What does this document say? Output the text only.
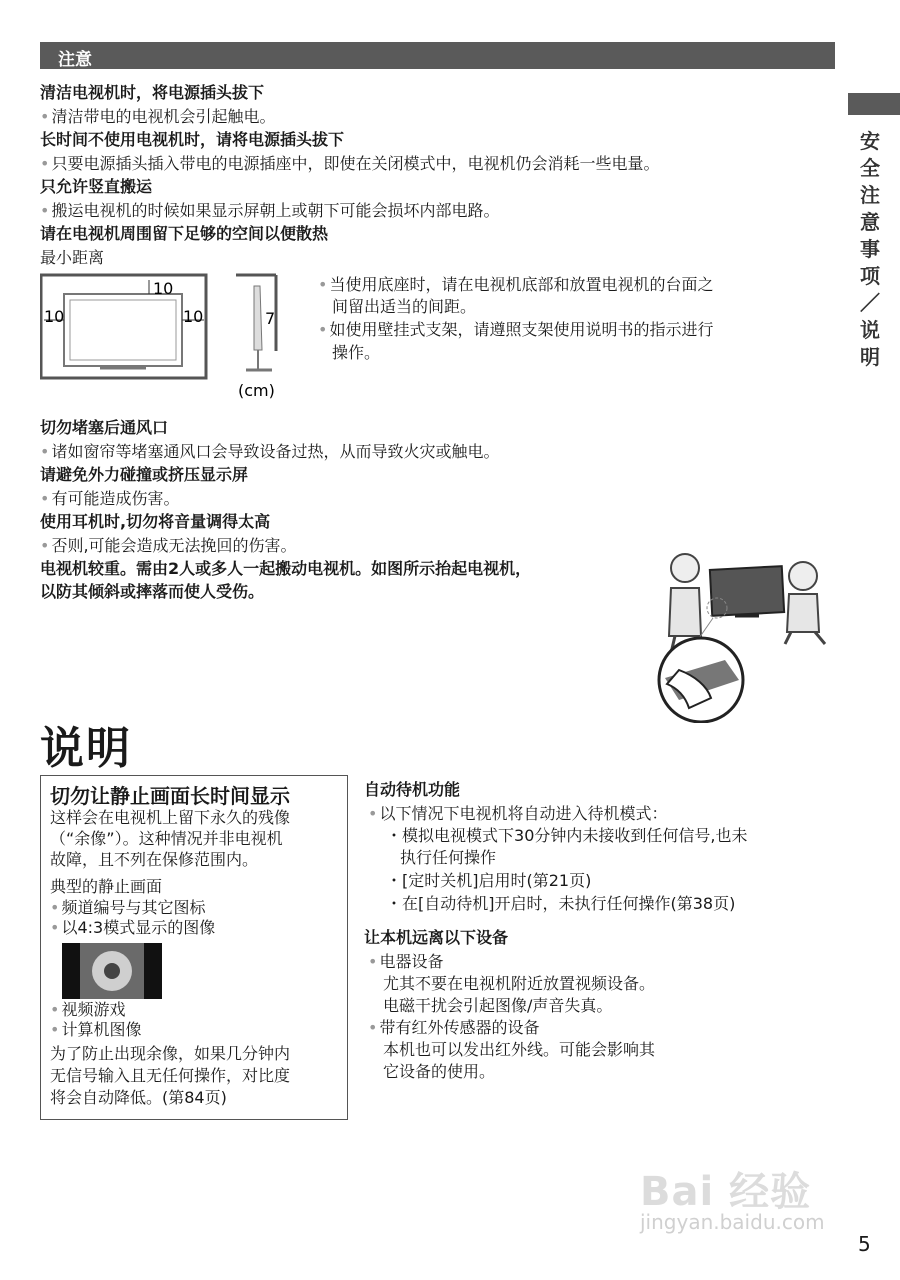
注意
安全注意事项／说明
清洁电视机时，将电源插头拔下
• 清洁带电的电视机会引起触电。
长时间不使用电视机时，请将电源插头拔下
• 只要电源插头插入带电的电源插座中，即使在关闭模式中，电视机仍会消耗一些电量。
只允许竖直搬运
• 搬运电视机的时候如果显示屏朝上或朝下可能会损坏内部电路。
请在电视机周围留下足够的空间以便散热
最小距离
10
10	10	7
(cm)
• 当使用底座时，请在电视机底部和放置电视机的台面之
间留出适当的间距。
• 如使用壁挂式支架，请遵照支架使用说明书的指示进行
操作。
切勿堵塞后通风口
• 诸如窗帘等堵塞通风口会导致设备过热，从而导致火灾或触电。
请避免外力碰撞或挤压显示屏
• 有可能造成伤害。
使用耳机时,切勿将音量调得太高
• 否则,可能会造成无法挽回的伤害。
电视机较重。需由2人或多人一起搬动电视机。如图所示抬起电视机，
以防其倾斜或摔落而使人受伤。
说明
切勿让静止画面长时间显示
这样会在电视机上留下永久的残像
（“余像”）。这种情况并非电视机
故障，且不列在保修范围内。
典型的静止画面
• 频道编号与其它图标
• 以4:3模式显示的图像
• 视频游戏
• 计算机图像
为了防止出现余像，如果几分钟内
无信号输入且无任何操作，对比度
将会自动降低。(第84页)
自动待机功能
• 以下情况下电视机将自动进入待机模式：
・模拟电视模式下30分钟内未接收到任何信号,也未
执行任何操作
・[定时关机]启用时(第21页)
・在[自动待机]开启时，未执行任何操作(第38页)
让本机远离以下设备
• 电器设备
尤其不要在电视机附近放置视频设备。
电磁干扰会引起图像/声音失真。
• 带有红外传感器的设备
本机也可以发出红外线。可能会影响其
它设备的使用。
Bai 经验
jingyan.baidu.com
5
